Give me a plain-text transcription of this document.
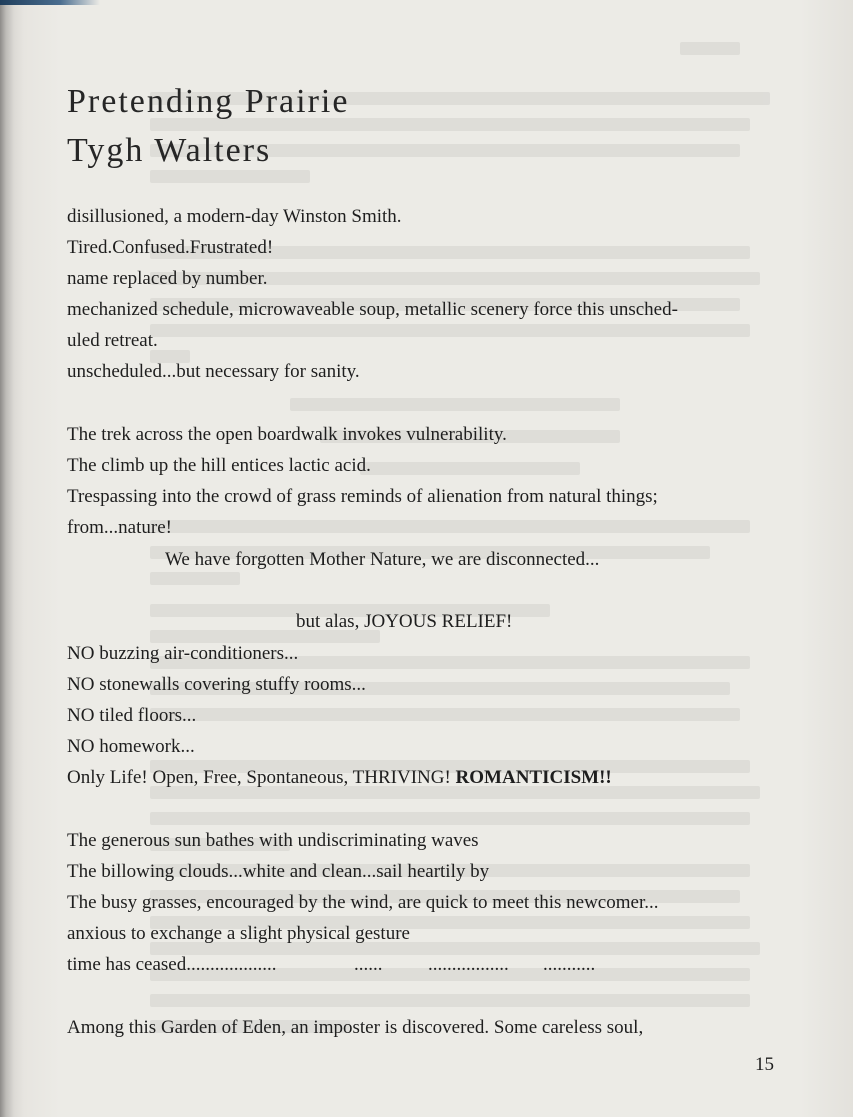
Pretending Prairie
Tygh Walters
disillusioned, a modern-day Winston Smith.
Tired.Confused.Frustrated!
name replaced by number.
mechanized schedule, microwaveable soup, metallic scenery force this unsched-
uled retreat.
unscheduled...but necessary for sanity.
The trek across the open boardwalk invokes vulnerability.
The climb up the hill entices lactic acid.
Trespassing into the crowd of grass reminds of alienation from natural things;
from...nature!
We have forgotten Mother Nature, we are disconnected...
but alas, JOYOUS RELIEF!
NO buzzing air-conditioners...
NO stonewalls covering stuffy rooms...
NO tiled floors...
NO homework...
Only Life! Open, Free, Spontaneous, THRIVING! ROMANTICISM!!
The generous sun bathes with undiscriminating waves
The billowing clouds...white and clean...sail heartily by
The busy grasses, encouraged by the wind, are quick to meet this newcomer...
anxious to exchange a slight physical gesture
time has ceased...................	...... ................. ...........
Among this Garden of Eden, an imposter is discovered. Some careless soul,
15
